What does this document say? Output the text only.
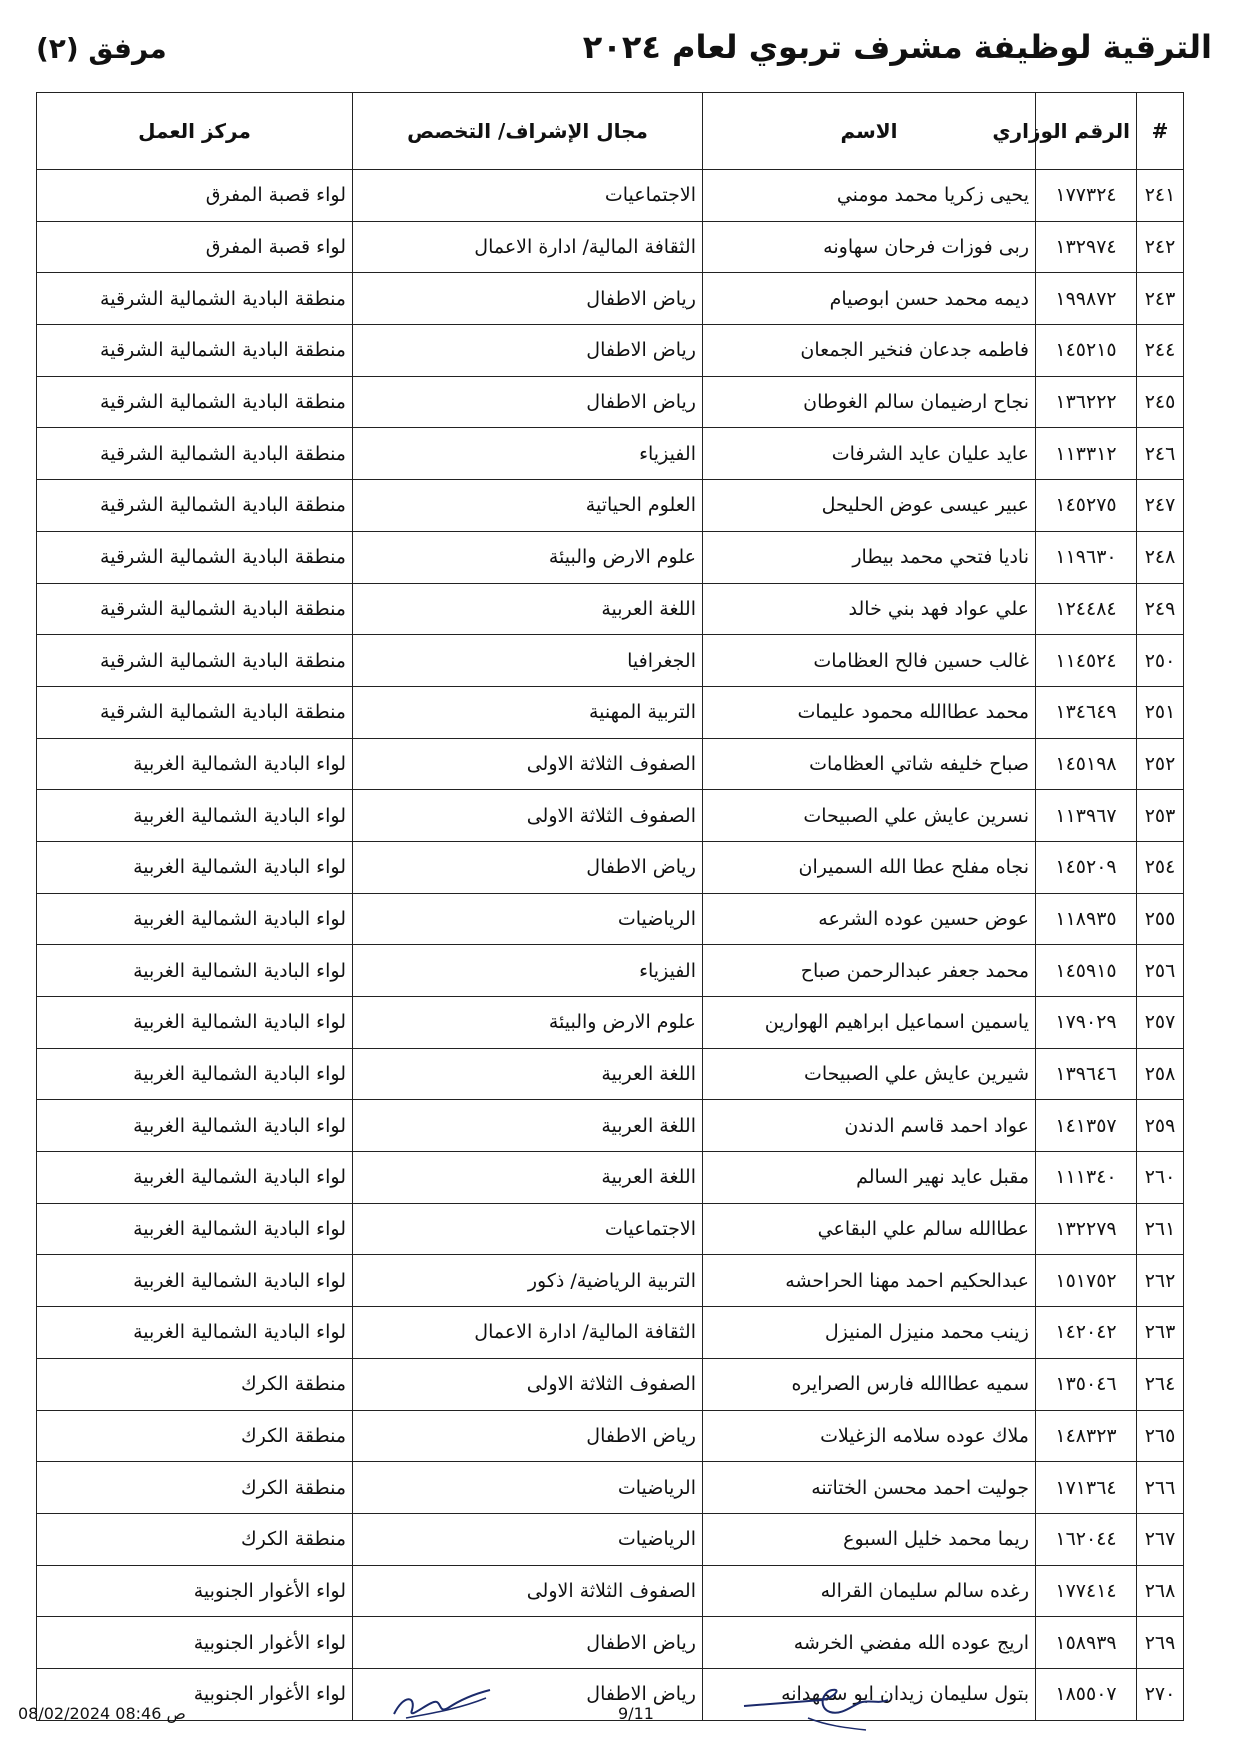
الترقية لوظيفة مشرف تربوي لعام ٢٠٢٤
مرفق (٢)
#	الرقم الوزاري	الاسم	مجال الإشراف/ التخصص	مركز العمل
٢٤١	١٧٧٣٢٤	يحيى زكريا محمد مومني	الاجتماعيات	لواء قصبة المفرق
٢٤٢	١٣٢٩٧٤	ربى فوزات فرحان سهاونه	الثقافة المالية/ ادارة الاعمال	لواء قصبة المفرق
٢٤٣	١٩٩٨٧٢	ديمه محمد حسن ابوصيام	رياض الاطفال	منطقة البادية الشمالية الشرقية
٢٤٤	١٤٥٢١٥	فاطمه جدعان فنخير الجمعان	رياض الاطفال	منطقة البادية الشمالية الشرقية
٢٤٥	١٣٦٢٢٢	نجاح ارضيمان سالم الغوطان	رياض الاطفال	منطقة البادية الشمالية الشرقية
٢٤٦	١١٣٣١٢	عايد عليان عايد الشرفات	الفيزياء	منطقة البادية الشمالية الشرقية
٢٤٧	١٤٥٢٧٥	عبير عيسى عوض الحليحل	العلوم الحياتية	منطقة البادية الشمالية الشرقية
٢٤٨	١١٩٦٣٠	ناديا فتحي محمد بيطار	علوم الارض والبيئة	منطقة البادية الشمالية الشرقية
٢٤٩	١٢٤٤٨٤	علي عواد فهد بني خالد	اللغة العربية	منطقة البادية الشمالية الشرقية
٢٥٠	١١٤٥٢٤	غالب حسين فالح العظامات	الجغرافيا	منطقة البادية الشمالية الشرقية
٢٥١	١٣٤٦٤٩	محمد عطاالله محمود عليمات	التربية المهنية	منطقة البادية الشمالية الشرقية
٢٥٢	١٤٥١٩٨	صباح خليفه شاتي العظامات	الصفوف الثلاثة الاولى	لواء البادية الشمالية الغربية
٢٥٣	١١٣٩٦٧	نسرين عايش علي الصبيحات	الصفوف الثلاثة الاولى	لواء البادية الشمالية الغربية
٢٥٤	١٤٥٢٠٩	نجاه مفلح عطا الله السميران	رياض الاطفال	لواء البادية الشمالية الغربية
٢٥٥	١١٨٩٣٥	عوض حسين عوده الشرعه	الرياضيات	لواء البادية الشمالية الغربية
٢٥٦	١٤٥٩١٥	محمد جعفر عبدالرحمن صباح	الفيزياء	لواء البادية الشمالية الغربية
٢٥٧	١٧٩٠٢٩	ياسمين اسماعيل ابراهيم الهوارين	علوم الارض والبيئة	لواء البادية الشمالية الغربية
٢٥٨	١٣٩٦٤٦	شيرين عايش علي الصبيحات	اللغة العربية	لواء البادية الشمالية الغربية
٢٥٩	١٤١٣٥٧	عواد احمد قاسم الدندن	اللغة العربية	لواء البادية الشمالية الغربية
٢٦٠	١١١٣٤٠	مقبل عايد نهير السالم	اللغة العربية	لواء البادية الشمالية الغربية
٢٦١	١٣٢٢٧٩	عطاالله سالم علي البقاعي	الاجتماعيات	لواء البادية الشمالية الغربية
٢٦٢	١٥١٧٥٢	عبدالحكيم احمد مهنا الحراحشه	التربية الرياضية/ ذكور	لواء البادية الشمالية الغربية
٢٦٣	١٤٢٠٤٢	زينب محمد منيزل المنيزل	الثقافة المالية/ ادارة الاعمال	لواء البادية الشمالية الغربية
٢٦٤	١٣٥٠٤٦	سميه عطاالله فارس الصرايره	الصفوف الثلاثة الاولى	منطقة الكرك
٢٦٥	١٤٨٣٢٣	ملاك عوده سلامه الزغيلات	رياض الاطفال	منطقة الكرك
٢٦٦	١٧١٣٦٤	جوليت احمد محسن الختاتنه	الرياضيات	منطقة الكرك
٢٦٧	١٦٢٠٤٤	ريما محمد خليل السبوع	الرياضيات	منطقة الكرك
٢٦٨	١٧٧٤١٤	رغده سالم سليمان القراله	الصفوف الثلاثة الاولى	لواء الأغوار الجنوبية
٢٦٩	١٥٨٩٣٩	اريج عوده الله مفضي الخرشه	رياض الاطفال	لواء الأغوار الجنوبية
٢٧٠	١٨٥٥٠٧	بتول سليمان زيدان ابو سمهدانه	رياض الاطفال	لواء الأغوار الجنوبية
08/02/2024 08:46 ص	9/11
